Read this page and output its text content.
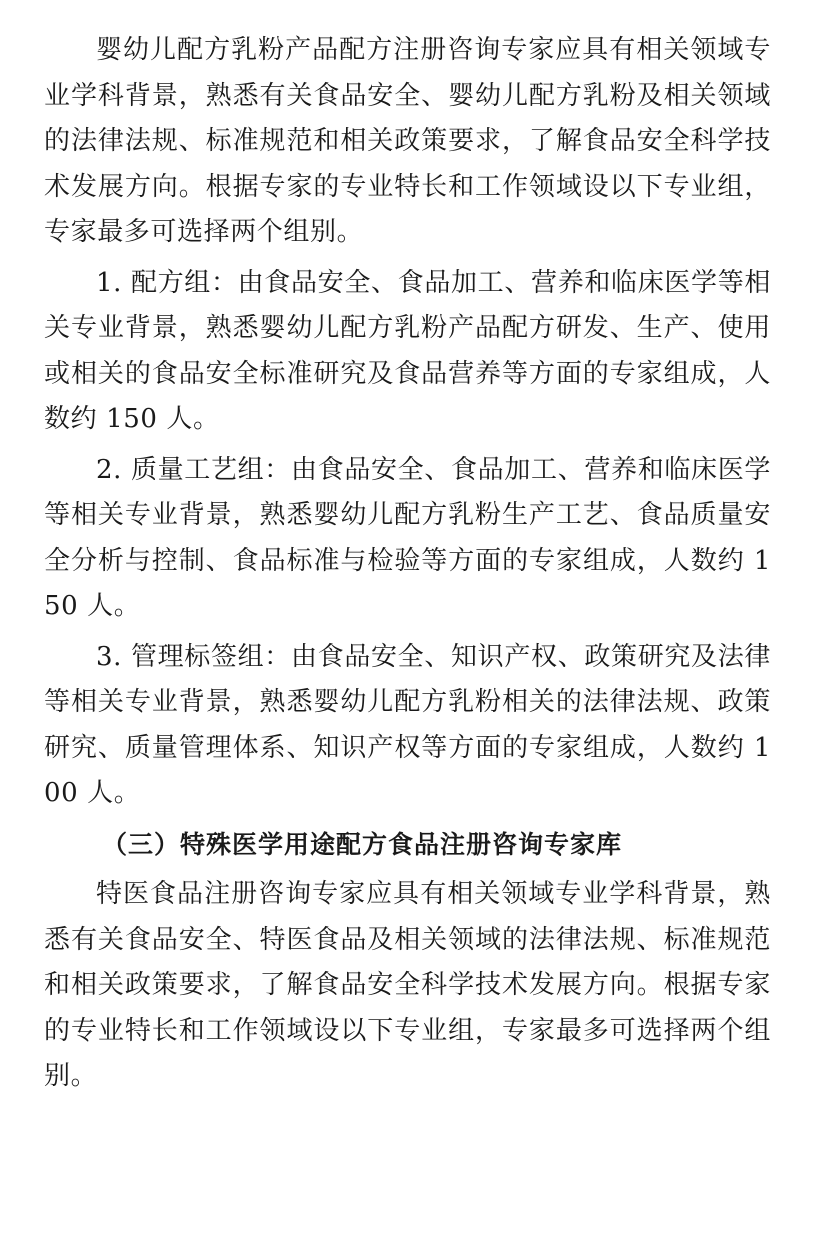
婴幼儿配方乳粉产品配方注册咨询专家应具有相关领域专业学科背景，熟悉有关食品安全、婴幼儿配方乳粉及相关领域的法律法规、标准规范和相关政策要求，了解食品安全科学技术发展方向。根据专家的专业特长和工作领域设以下专业组，专家最多可选择两个组别。

1. 配方组：由食品安全、食品加工、营养和临床医学等相关专业背景，熟悉婴幼儿配方乳粉产品配方研发、生产、使用或相关的食品安全标准研究及食品营养等方面的专家组成，人数约 150 人。

2. 质量工艺组：由食品安全、食品加工、营养和临床医学等相关专业背景，熟悉婴幼儿配方乳粉生产工艺、食品质量安全分析与控制、食品标准与检验等方面的专家组成，人数约 150 人。

3. 管理标签组：由食品安全、知识产权、政策研究及法律等相关专业背景，熟悉婴幼儿配方乳粉相关的法律法规、政策研究、质量管理体系、知识产权等方面的专家组成，人数约 100 人。

（三）特殊医学用途配方食品注册咨询专家库

特医食品注册咨询专家应具有相关领域专业学科背景，熟悉有关食品安全、特医食品及相关领域的法律法规、标准规范和相关政策要求，了解食品安全科学技术发展方向。根据专家的专业特长和工作领域设以下专业组，专家最多可选择两个组别。
